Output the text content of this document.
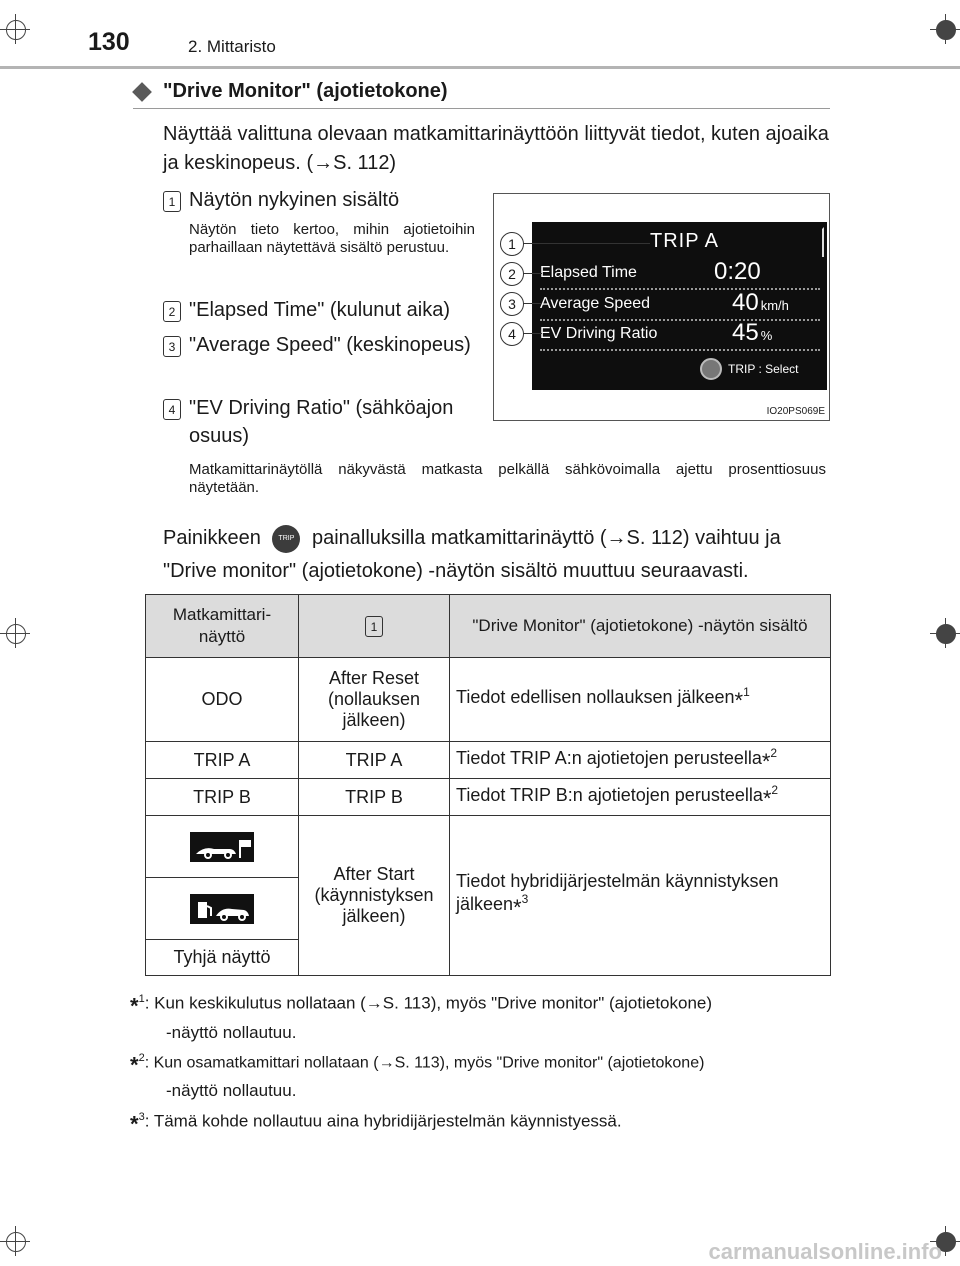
130	2. Mittaristo
"Drive Monitor" (ajotietokone)
Näyttää valittuna olevaan matkamittarinäyttöön liittyvät tiedot, kuten ajoaika ja keskinopeus. (→S. 112)
1 Näytön nykyinen sisältö
Näytön tieto kertoo, mihin ajotietoihin parhaillaan näytettävä sisältö perustuu.
2 "Elapsed Time" (kulunut aika)
3 "Average Speed" (keskinopeus)
4 "EV Driving Ratio" (sähköajon osuus)
TRIP A
Elapsed Time	0:20
Average Speed	40 km/h
EV Driving Ratio	45 %
TRIP : Select
1
2
3
4
IO20PS069E
Matkamittarinäytöllä näkyvästä matkasta pelkällä sähkövoimalla ajettu prosenttiosuus näytetään.
Painikkeen	TRIP painalluksilla matkamittarinäyttö (→S. 112) vaihtuu ja "Drive monitor" (ajotietokone) -näytön sisältö muuttuu seuraavasti.
Matkamittari-näyttö	1	"Drive Monitor" (ajotietokone) -näytön sisältö
ODO	After Reset (nollauksen jälkeen)	Tiedot edellisen nollauksen jälkeen*$^1$
TRIP A	TRIP A	Tiedot TRIP A:n ajotietojen perusteella*$^2$
TRIP B	TRIP B	Tiedot TRIP B:n ajotietojen perusteella*$^2$
	After Start (käynnistyksen jälkeen)	Tiedot hybridijärjestelmän käynnistyksen jälkeen*$^3$

Tyhjä näyttö		
*$^1$: Kun keskikulutus nollataan (→S. 113), myös "Drive monitor" (ajotietokone)
-näyttö nollautuu.
*$^2$: Kun osamatkamittari nollataan (→S. 113), myös "Drive monitor" (ajotietokone)
-näyttö nollautuu.
*$^3$: Tämä kohde nollautuu aina hybridijärjestelmän käynnistyessä.
carmanualsonline.info
